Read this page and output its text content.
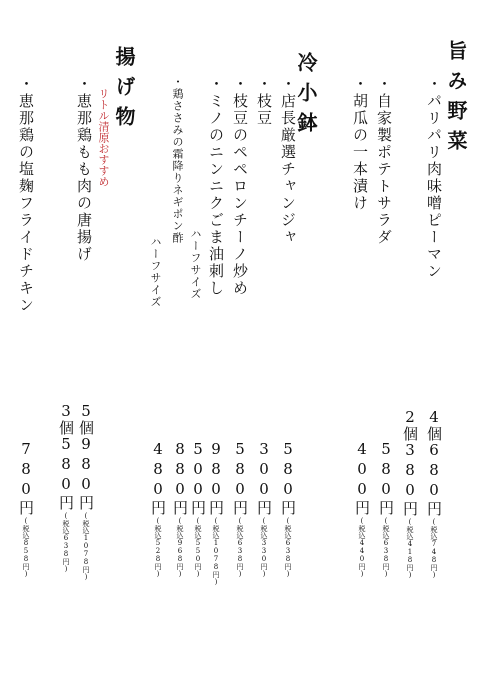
旨み野菜
冷小鉢
揚げ物	・パリパリ肉味噌ピーマン
・自家製ポテトサラダ
・胡瓜の一本漬け
・店長厳選チャンジャ
・枝豆
・枝豆のペペロンチーノ炒め
・ミノのニンニクごま油刺し
ハーフサイズ
・鶏ささみの霜降りネギポン酢
ハーフサイズ
リトル清原おすすめ
・恵那鶏もも肉の唐揚げ
・恵那鶏の塩麹フライドチキン
4個680円(税込748円)
2個380円(税込418円)
580円(税込638円)
400円(税込440円)
580円(税込638円)
300円(税込330円)
580円(税込638円)
980円(税込1078円)
500円(税込550円)
880円(税込968円)
480円(税込528円)
5個980円(税込1078円)
3個580円(税込638円)
780円(税込858円)
